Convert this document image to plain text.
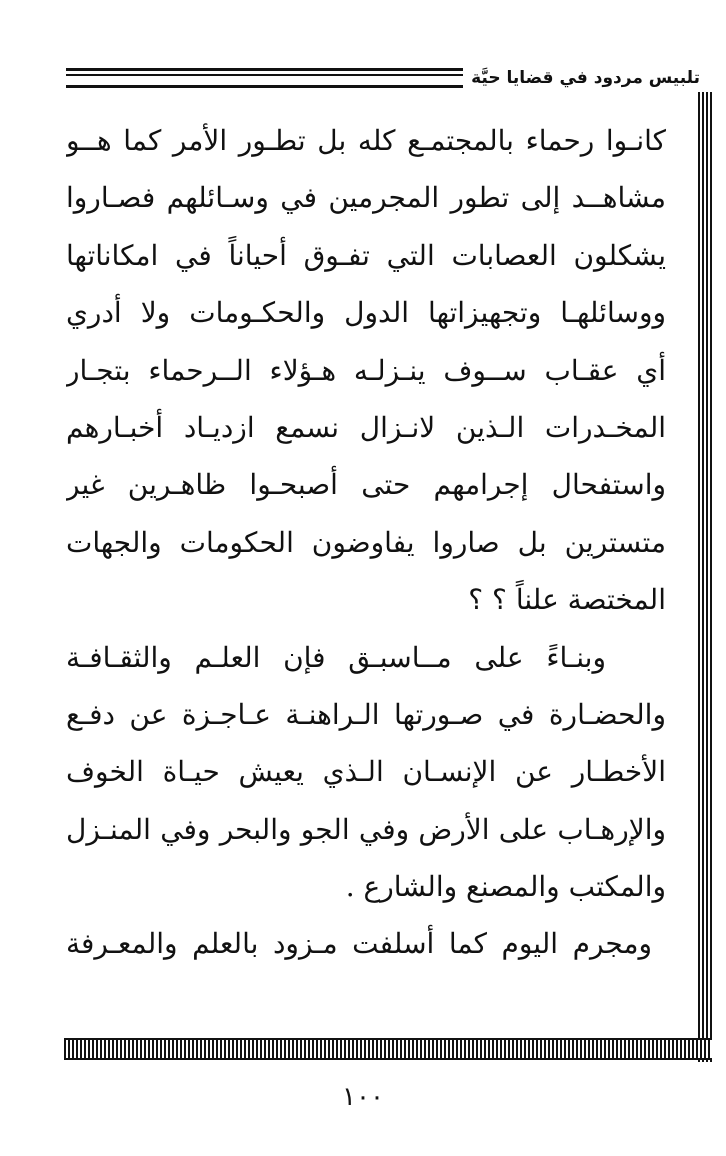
تلبيس مردود في قضايا حيَّة
كانـوا رحماء بالمجتمـع كله بل تطـور الأمر كما هــو
مشاهــد إلى تطور المجرمين في وسـائلهم فصـاروا
يشكلون العصابات التي تفـوق أحياناً في امكاناتها
ووسائلهـا وتجهيزاتها الدول والحكـومات ولا أدري
أي عقـاب ســوف ينـزلـه هـؤلاء الــرحماء بتجـار
المخـدرات الـذين لانـزال نسمع ازديـاد أخبـارهم
واستفحال إجرامهم حتى أصبحـوا ظاهـرين غير
متسترين بل صاروا يفاوضون الحكومات والجهات
المختصة علناً ؟ ؟
وبنـاءً على مــاسبـق فإن العلـم والثقـافـة
والحضـارة في صـورتها الـراهنـة عـاجـزة عن دفـع
الأخطـار عن الإنسـان الـذي يعيش حيـاة الخوف
والإرهـاب على الأرض وفي الجو والبحر وفي المنـزل
والمكتب والمصنع والشارع .
ومجرم اليوم كما أسلفت مـزود بالعلم والمعـرفة
١٠٠
